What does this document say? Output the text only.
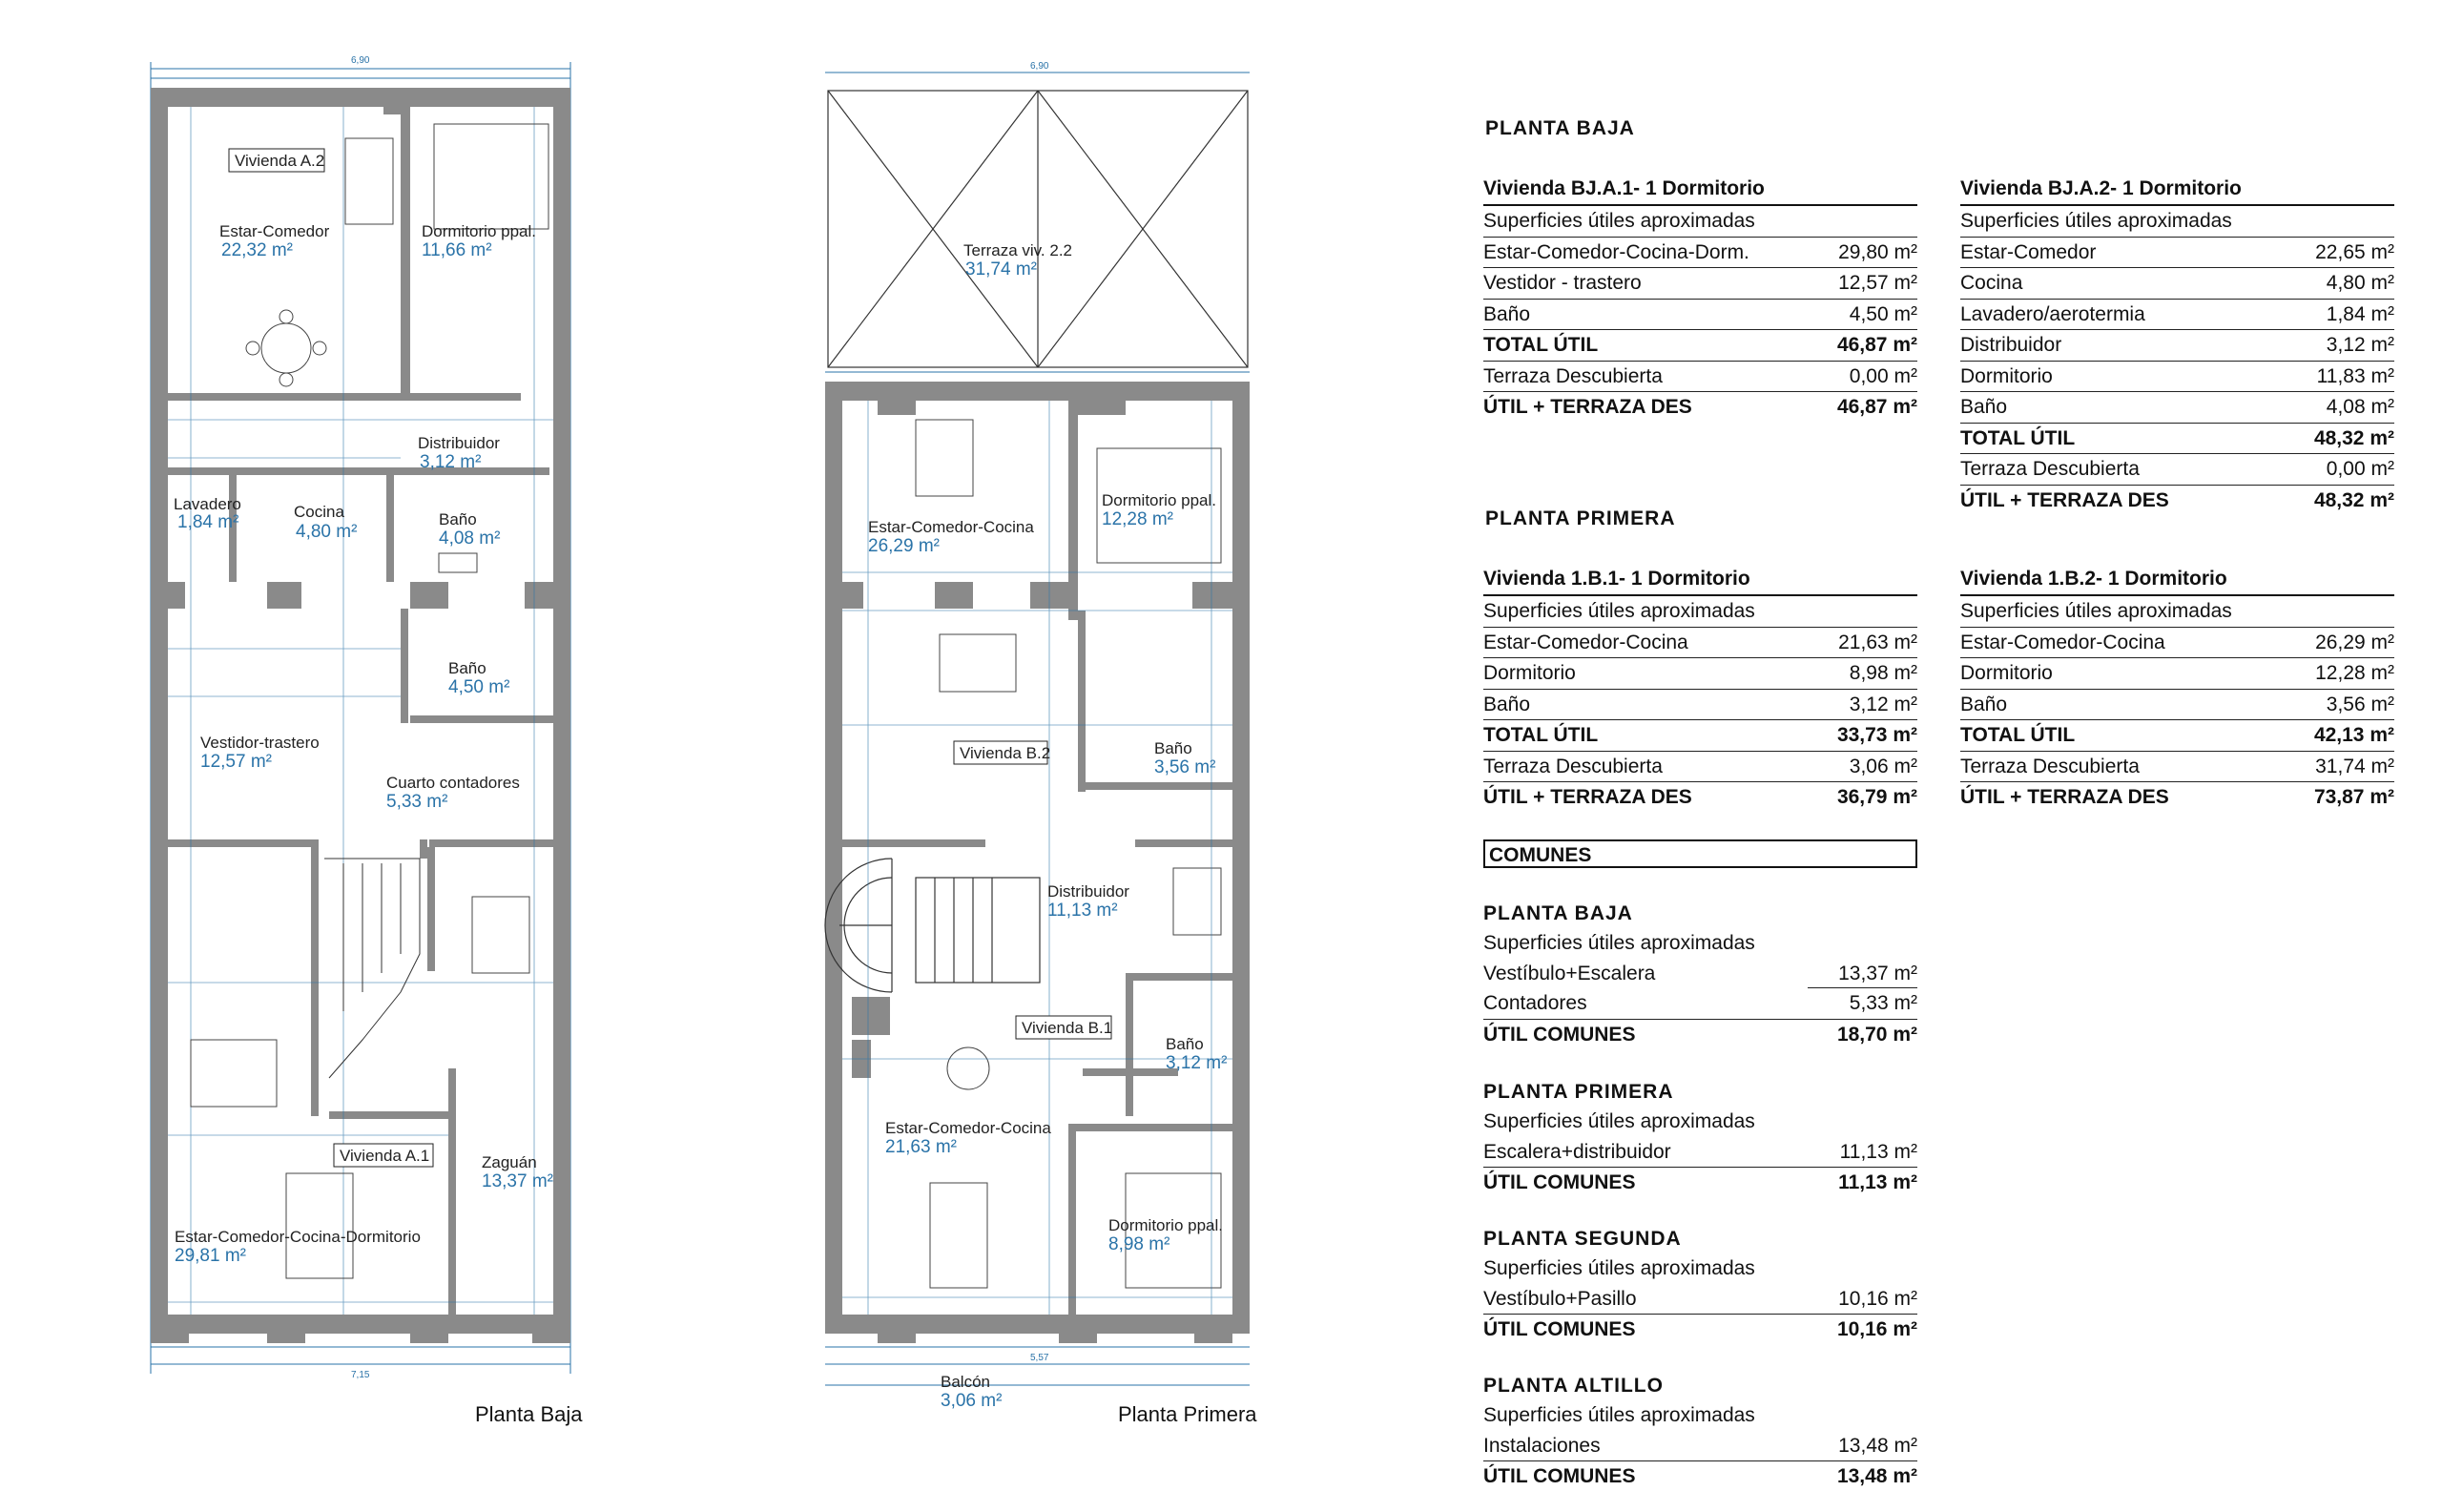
Vivienda A.2
Estar-Comedor
22,32 m²
Dormitorio ppal.
11,66 m²
Distribuidor
3,12 m²
Lavadero
1,84 m²
Cocina
4,80 m²
Baño
4,08 m²
Baño
4,50 m²
Vestidor-trastero
12,57 m²
Cuarto contadores
5,33 m²
Vivienda A.1	Zaguán
13,37 m²
Estar-Comedor-Cocina-Dormitorio
29,81 m²
6,90
7,15
Terraza viv. 2.2
31,74 m²
Estar-Comedor-Cocina
26,29 m²
Dormitorio ppal.
12,28 m²
Vivienda B.2	Baño
3,56 m²
Distribuidor
11,13 m²
Vivienda B.1
Baño
3,12 m²
Estar-Comedor-Cocina
21,63 m²
Dormitorio ppal.
8,98 m²
Balcón
3,06 m²
6,90
5,57
Planta Baja	Planta Primera
PLANTA BAJA
Vivienda BJ.A.1- 1 Dormitorio
Superficies útiles aproximadas
Estar-Comedor-Cocina-Dorm.	29,80 m²
Vestidor - trastero	12,57 m²
Baño	4,50 m²
TOTAL ÚTIL	46,87 m²
Terraza Descubierta	0,00 m²
ÚTIL + TERRAZA DES	46,87 m²
Vivienda BJ.A.2- 1 Dormitorio
Superficies útiles aproximadas
Estar-Comedor	22,65 m²
Cocina	4,80 m²
Lavadero/aerotermia	1,84 m²
Distribuidor	3,12 m²
Dormitorio	11,83 m²
Baño	4,08 m²
TOTAL ÚTIL	48,32 m²
Terraza Descubierta	0,00 m²
ÚTIL + TERRAZA DES	48,32 m²
PLANTA PRIMERA
Vivienda 1.B.1- 1 Dormitorio
Superficies útiles aproximadas
Estar-Comedor-Cocina	21,63 m²
Dormitorio	8,98 m²
Baño	3,12 m²
TOTAL ÚTIL	33,73 m²
Terraza Descubierta	3,06 m²
ÚTIL + TERRAZA DES	36,79 m²
Vivienda 1.B.2- 1 Dormitorio
Superficies útiles aproximadas
Estar-Comedor-Cocina	26,29 m²
Dormitorio	12,28 m²
Baño	3,56 m²
TOTAL ÚTIL	42,13 m²
Terraza Descubierta	31,74 m²
ÚTIL + TERRAZA DES	73,87 m²
COMUNES
PLANTA BAJA
Superficies útiles aproximadas
Vestíbulo+Escalera	13,37 m²
Contadores	5,33 m²
ÚTIL COMUNES	18,70 m²
PLANTA PRIMERA
Superficies útiles aproximadas
Escalera+distribuidor	11,13 m²
ÚTIL COMUNES	11,13 m²
PLANTA SEGUNDA
Superficies útiles aproximadas
Vestíbulo+Pasillo	10,16 m²
ÚTIL COMUNES	10,16 m²
PLANTA ALTILLO
Superficies útiles aproximadas
Instalaciones	13,48 m²
ÚTIL COMUNES	13,48 m²
